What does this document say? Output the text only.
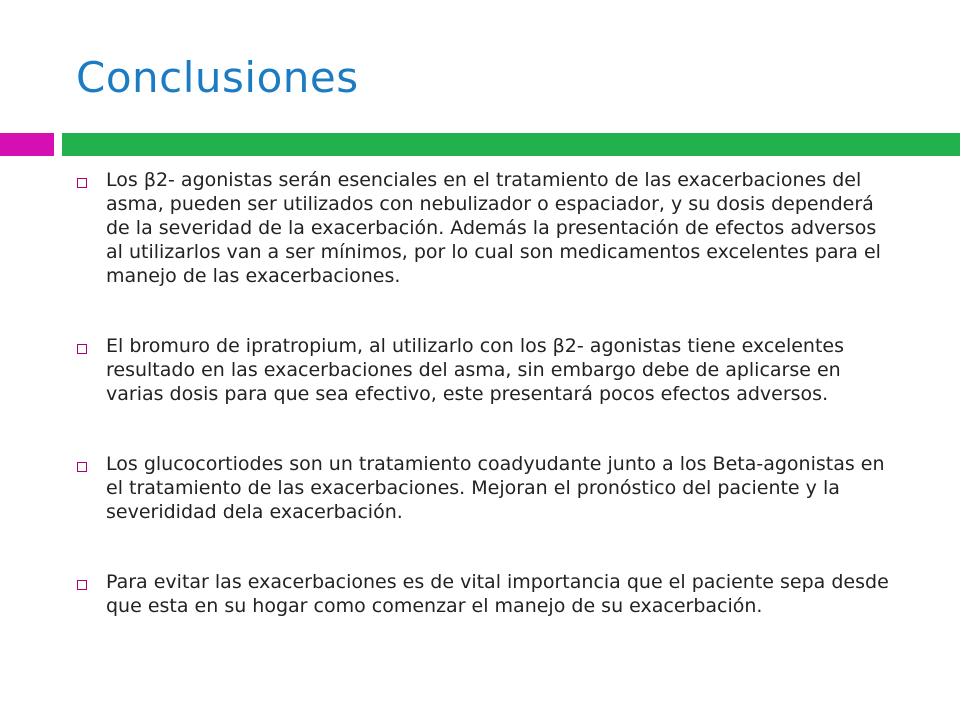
Conclusiones
Los β2- agonistas serán esenciales en el tratamiento de las exacerbaciones del asma, pueden ser utilizados con nebulizador o espaciador, y su dosis dependerá de la severidad de la exacerbación. Además la presentación de efectos adversos al utilizarlos van a ser mínimos, por lo cual son medicamentos excelentes para el manejo de las exacerbaciones.
El bromuro de ipratropium, al utilizarlo con los β2- agonistas tiene excelentes resultado en las exacerbaciones del asma, sin embargo debe de aplicarse en varias dosis para que sea efectivo, este presentará pocos efectos adversos.
Los glucocortiodes son un tratamiento coadyudante junto a los Beta-agonistas en el tratamiento de las exacerbaciones. Mejoran el pronóstico del paciente y la severididad dela exacerbación.
Para evitar las exacerbaciones es de vital importancia que el paciente sepa desde que esta en su hogar como comenzar el manejo de su exacerbación.
